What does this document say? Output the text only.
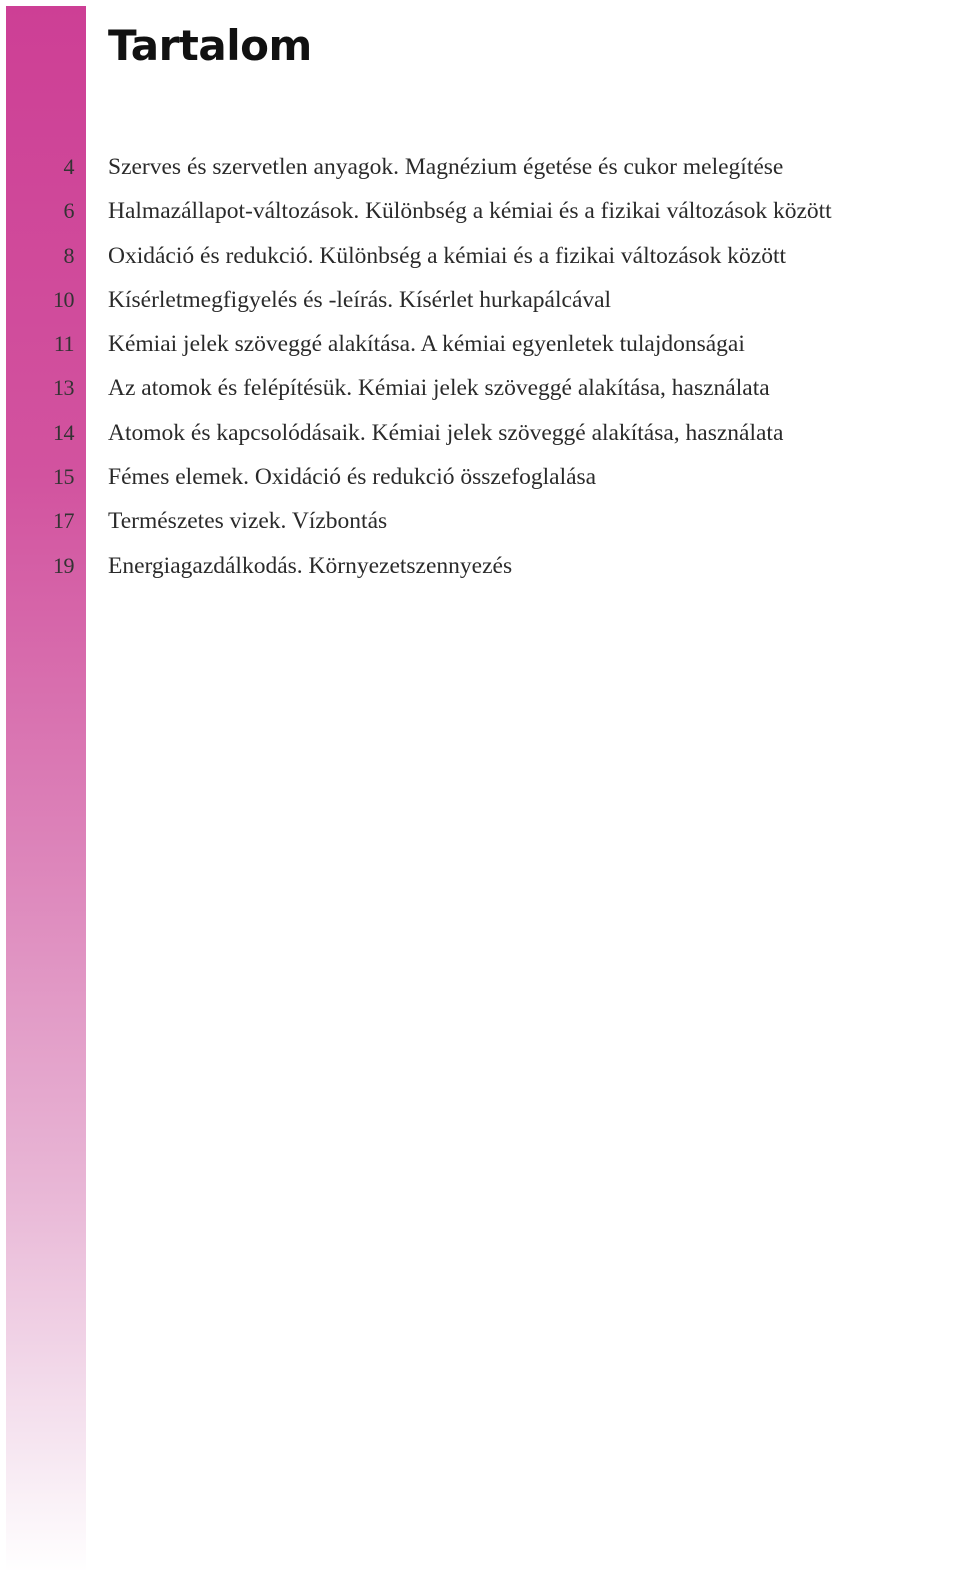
Tartalom
4 Szerves és szervetlen anyagok. Magnézium égetése és cukor melegítése
6 Halmazállapot-változások. Különbség a kémiai és a fizikai változások között
8 Oxidáció és redukció. Különbség a kémiai és a fizikai változások között
10 Kísérletmegfigyelés és -leírás. Kísérlet hurkapálcával
11 Kémiai jelek szöveggé alakítása. A kémiai egyenletek tulajdonságai
13 Az atomok és felépítésük. Kémiai jelek szöveggé alakítása, használata
14 Atomok és kapcsolódásaik. Kémiai jelek szöveggé alakítása, használata
15 Fémes elemek. Oxidáció és redukció összefoglalása
17 Természetes vizek. Vízbontás
19 Energiagazdálkodás. Környezetszennyezés
